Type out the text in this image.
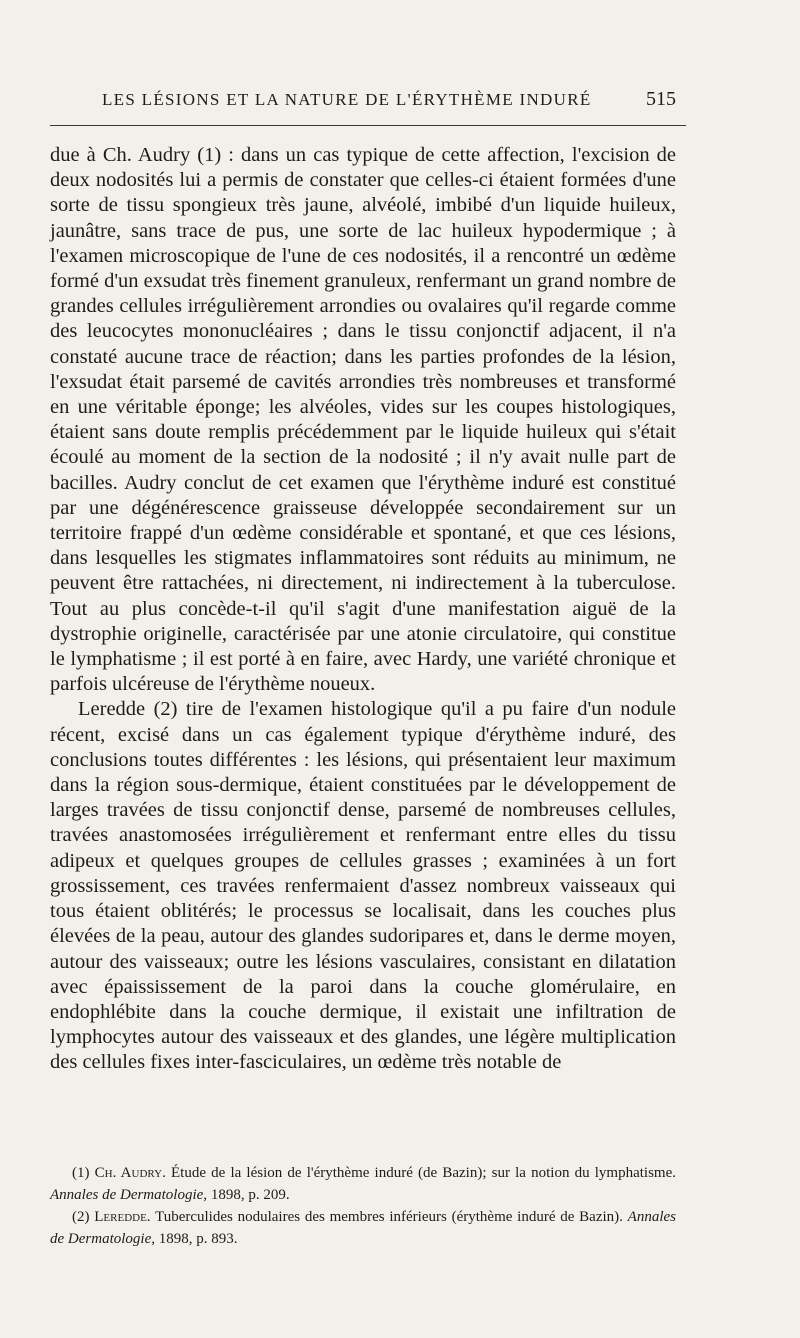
LES LÉSIONS ET LA NATURE DE L'ÉRYTHÈME INDURÉ	515

due à Ch. Audry (1) : dans un cas typique de cette affection, l'excision de deux nodosités lui a permis de constater que celles-ci étaient formées d'une sorte de tissu spongieux très jaune, alvéolé, imbibé d'un liquide huileux, jaunâtre, sans trace de pus, une sorte de lac huileux hypodermique ; à l'examen microscopique de l'une de ces nodosités, il a rencontré un œdème formé d'un exsudat très finement granuleux, renfermant un grand nombre de grandes cellules irrégulièrement arrondies ou ovalaires qu'il regarde comme des leucocytes mononucléaires ; dans le tissu conjonctif adjacent, il n'a constaté aucune trace de réaction; dans les parties profondes de la lésion, l'exsudat était parsemé de cavités arrondies très nombreuses et transformé en une véritable éponge; les alvéoles, vides sur les coupes histologiques, étaient sans doute remplis précédemment par le liquide huileux qui s'était écoulé au moment de la section de la nodosité ; il n'y avait nulle part de bacilles. Audry conclut de cet examen que l'érythème induré est constitué par une dégénérescence graisseuse développée secondairement sur un territoire frappé d'un œdème considérable et spontané, et que ces lésions, dans lesquelles les stigmates inflammatoires sont réduits au minimum, ne peuvent être rattachées, ni directement, ni indirectement à la tuberculose. Tout au plus concède-t-il qu'il s'agit d'une manifestation aiguë de la dystrophie originelle, caractérisée par une atonie circulatoire, qui constitue le lymphatisme ; il est porté à en faire, avec Hardy, une variété chronique et parfois ulcéreuse de l'érythème noueux.

Leredde (2) tire de l'examen histologique qu'il a pu faire d'un nodule récent, excisé dans un cas également typique d'érythème induré, des conclusions toutes différentes : les lésions, qui présentaient leur maximum dans la région sous-dermique, étaient constituées par le développement de larges travées de tissu conjonctif dense, parsemé de nombreuses cellules, travées anastomosées irrégulièrement et renfermant entre elles du tissu adipeux et quelques groupes de cellules grasses ; examinées à un fort grossissement, ces travées renfermaient d'assez nombreux vaisseaux qui tous étaient oblitérés; le processus se localisait, dans les couches plus élevées de la peau, autour des glandes sudoripares et, dans le derme moyen, autour des vaisseaux; outre les lésions vasculaires, consistant en dilatation avec épaississement de la paroi dans la couche glomérulaire, en endophlébite dans la couche dermique, il existait une infiltration de lymphocytes autour des vaisseaux et des glandes, une légère multiplication des cellules fixes inter-fasciculaires, un œdème très notable de

(1) Ch. Audry. Étude de la lésion de l'érythème induré (de Bazin); sur la notion du lymphatisme. Annales de Dermatologie, 1898, p. 209.

(2) Leredde. Tuberculides nodulaires des membres inférieurs (érythème induré de Bazin). Annales de Dermatologie, 1898, p. 893.
